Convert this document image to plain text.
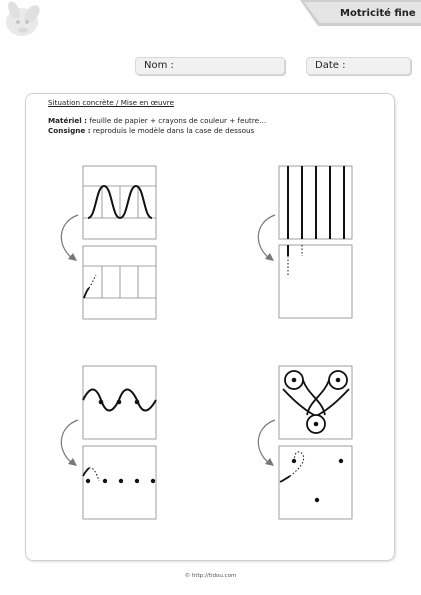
Motricité fine
Nom :	Date :
Situation concrète / Mise en œuvre
Matériel : feuille de papier + crayons de couleur + feutre…
Consigne : reproduis le modèle dans la case de dessous
© http://tidou.com
